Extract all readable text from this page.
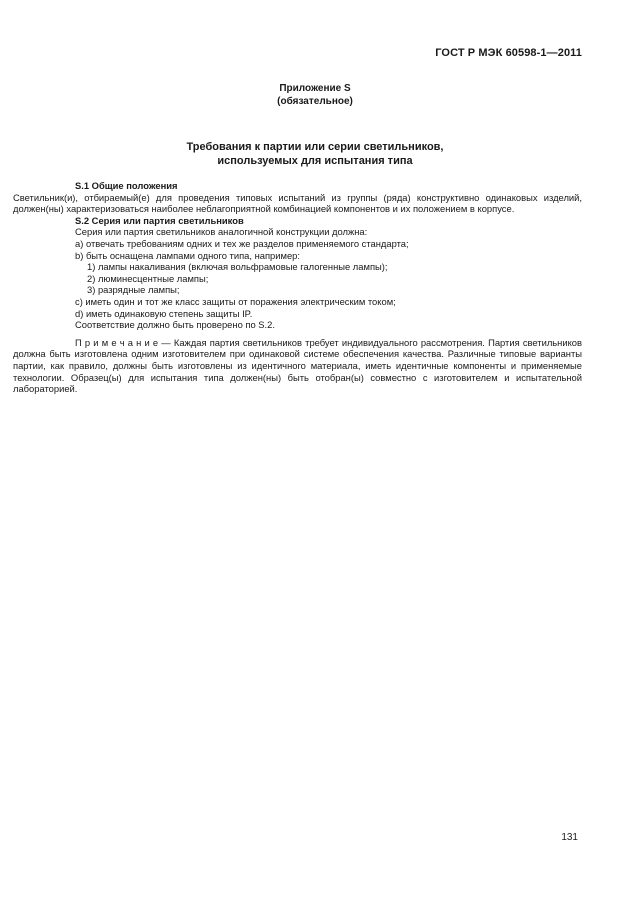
ГОСТ Р МЭК 60598-1—2011
Приложение S
(обязательное)
Требования к партии или серии светильников,
используемых для испытания типа
S.1 Общие положения
Светильник(и), отбираемый(е) для проведения типовых испытаний из группы (ряда) конструктивно одинаковых изделий, должен(ны) характеризоваться наиболее неблагоприятной комбинацией компонентов и их положением в корпусе.
S.2 Серия или партия светильников
Серия или партия светильников аналогичной конструкции должна:
а) отвечать требованиям одних и тех же разделов применяемого стандарта;
b) быть оснащена лампами одного типа, например:
1) лампы накаливания (включая вольфрамовые галогенные лампы);
2) люминесцентные лампы;
3) разрядные лампы;
с) иметь один и тот же класс защиты от поражения электрическим током;
d) иметь одинаковую степень защиты IP.
Соответствие должно быть проверено по S.2.
П р и м е ч а н и е — Каждая партия светильников требует индивидуального рассмотрения. Партия светильников должна быть изготовлена одним изготовителем при одинаковой системе обеспечения качества. Различные типовые варианты партии, как правило, должны быть изготовлены из идентичного материала, иметь идентичные компоненты и применяемые технологии. Образец(ы) для испытания типа должен(ны) быть отобран(ы) совместно с изготовителем и испытательной лабораторией.
131
